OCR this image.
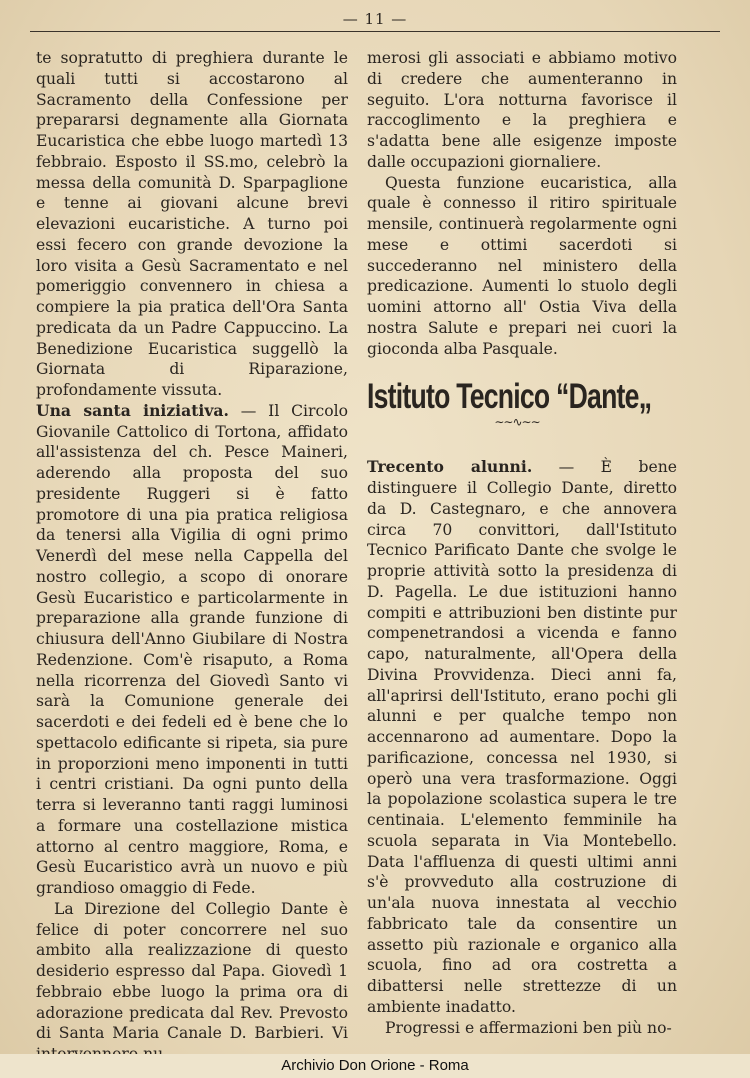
— 11 —

te sopratutto di preghiera durante le quali tutti si accostarono al Sacramento della Confessione per prepararsi degnamente alla Giornata Eucaristica che ebbe luogo martedì 13 febbraio. Esposto il SS.mo, celebrò la messa della comunità D. Sparpaglione e tenne ai giovani alcune brevi elevazioni eucaristiche. A turno poi essi fecero con grande devozione la loro visita a Gesù Sacramentato e nel pomeriggio convennero in chiesa a compiere la pia pratica dell'Ora Santa predicata da un Padre Cappuccino. La Benedizione Eucaristica suggellò la Giornata di Riparazione, profondamente vissuta.

Una santa iniziativa. — Il Circolo Giovanile Cattolico di Tortona, affidato all'assistenza del ch. Pesce Maineri, aderendo alla proposta del suo presidente Ruggeri si è fatto promotore di una pia pratica religiosa da tenersi alla Vigilia di ogni primo Venerdì del mese nella Cappella del nostro collegio, a scopo di onorare Gesù Eucaristico e particolarmente in preparazione alla grande funzione di chiusura dell'Anno Giubilare di Nostra Redenzione. Com'è risaputo, a Roma nella ricorrenza del Giovedì Santo vi sarà la Comunione generale dei sacerdoti e dei fedeli ed è bene che lo spettacolo edificante si ripeta, sia pure in proporzioni meno imponenti in tutti i centri cristiani. Da ogni punto della terra si leveranno tanti raggi luminosi a formare una costellazione mistica attorno al centro maggiore, Roma, e Gesù Eucaristico avrà un nuovo e più grandioso omaggio di Fede.

La Direzione del Collegio Dante è felice di poter concorrere nel suo ambito alla realizzazione di questo desiderio espresso dal Papa. Giovedì 1 febbraio ebbe luogo la prima ora di adorazione predicata dal Rev. Prevosto di Santa Maria Canale D. Barbieri. Vi

merosi gli associati e abbiamo motivo di credere che aumenteranno in seguito. L'ora notturna favorisce il raccoglimento e la preghiera e s'adatta bene alle esigenze imposte dalle occupazioni giornaliere.

Questa funzione eucaristica, alla quale è connesso il ritiro spirituale mensile, continuerà regolarmente ogni mese e ottimi sacerdoti si succederanno nel ministero della predicazione. Aumenti lo stuolo degli uomini attorno all' Ostia Viva della nostra Salute e prepari nei cuori la gioconda alba Pasquale.

Istituto Tecnico “Dante„
∼∼∿∼∼

Trecento alunni. — È bene distinguere il Collegio Dante, diretto da D. Castegnaro, e che annovera circa 70 convittori, dall'Istituto Tecnico Parificato Dante che svolge le proprie attività sotto la presidenza di D. Pagella. Le due istituzioni hanno compiti e attribuzioni ben distinte pur compenetrandosi a vicenda e fanno capo, naturalmente, all'Opera della Divina Provvidenza. Dieci anni fa, all'aprirsi dell'Istituto, erano pochi gli alunni e per qualche tempo non accennarono ad aumentare. Dopo la parificazione, concessa nel 1930, si operò una vera trasformazione. Oggi la popolazione scolastica supera le tre centinaia. L'elemento femminile ha scuola separata in Via Montebello. Data l'affluenza di questi ultimi anni s'è provveduto alla costruzione di un'ala nuova innestata al vecchio fabbricato tale da consentire un assetto più razionale e organico alla scuola, fino ad ora costretta a dibattersi nelle strettezze di un ambiente inadatto.

Progressi e affermazioni ben più no-

Archivio Don Orione - Roma
